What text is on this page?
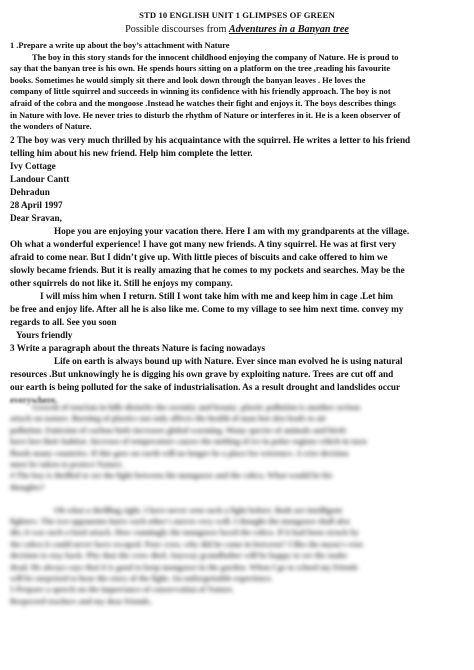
STD 10 ENGLISH UNIT 1 GLIMPSES OF GREEN
Possible discourses from Adventures in a Banyan tree
1 .Prepare a write up about the boy’s attachment with Nature
The boy in this story stands for the innocent childhood enjoying the company of Nature. He is proud to
say that the banyan tree is his own. He spends hours sitting on a platform on the tree ,reading his favourite
books. Sometimes he would simply sit there and look down through the banyan leaves . He loves the
company of little squirrel and succeeds in winning its confidence with his friendly approach. The boy is not
afraid of the cobra and the mongoose .Instead he watches their fight and enjoys it. The boys describes things
in Nature with love. He never tries to disturb the rhythm of Nature or interferes in it. He is a keen observer of
the wonders of Nature.
2 The boy was very much thrilled by his acquaintance with the squirrel. He writes a letter to his friend
telling him about his new friend. Help him complete the letter.
Ivy Cottage
Landour Cantt
Dehradun
28 April 1997
Dear Sravan,
Hope you are enjoying your vacation there. Here I am with my grandparents at the village.
Oh what a wonderful experience! I have got many new friends. A tiny squirrel. He was at first very
afraid to come near. But I didn’t give up. With little pieces of biscuits and cake offered to him we
slowly became friends. But it is really amazing that he comes to my pockets and searches. May be the
other squirrels do not like it. Still he enjoys my company.
I will miss him when I return. Still I wont take him with me and keep him in cage .Let him
be free and enjoy life. After all he is also like me. Come to my village to see him next time. convey my
regards to all. See you soon
Yours friendly
3 Write a paragraph about the threats Nature is facing nowadays
Life on earth is always bound up with Nature. Ever since man evolved he is using natural
resources .But unknowingly he is digging his own grave by exploiting nature. Trees are cut off and
our earth is being polluted for the sake of industrialisation. As a result drought and landslides occur
everywhere.
Growth of tourism in hills disturbs the serenity and beauty .plastic pollution is another serious
attack on nature. Burning of plastics not only affects the health of man but also leads to air
pollution. Emission of carbon fuels increases global warming. Many species of animals and birds
have lost their habitat .Increase of temperature causes the melting of ice in polar regions which in turn
floods many countries. If this goes on earth will no longer be a place for existence. A wise decision
must be taken to protect Nature.
4 The boy is thrilled to see the fight between the mongoose and the cobra. What would be his
thoughts?
Oh what a thrilling sight. I have never seen such a fight before. Both are intelligent
fighters. The two opponents knew each other's moves very well. I thought the mongoose shall also
die, it was such a fatal attack. How cunningly the mongoose faced the cobra. If it had been struck by
the cobra it could never have escaped. Poor crow, why did he come in between? I like the myna's wise
decision to stay back. Pity that the crow died. Anyway grandfather will be happy to see the snake
dead. He always says that it is good to keep mongoose in the garden. When I go to school my friends
will be surprised to hear the story of the fight. An unforgettable experience.
5 Prepare a speech on the importance of conservation of Nature.
Respected teachers and my dear friends,
